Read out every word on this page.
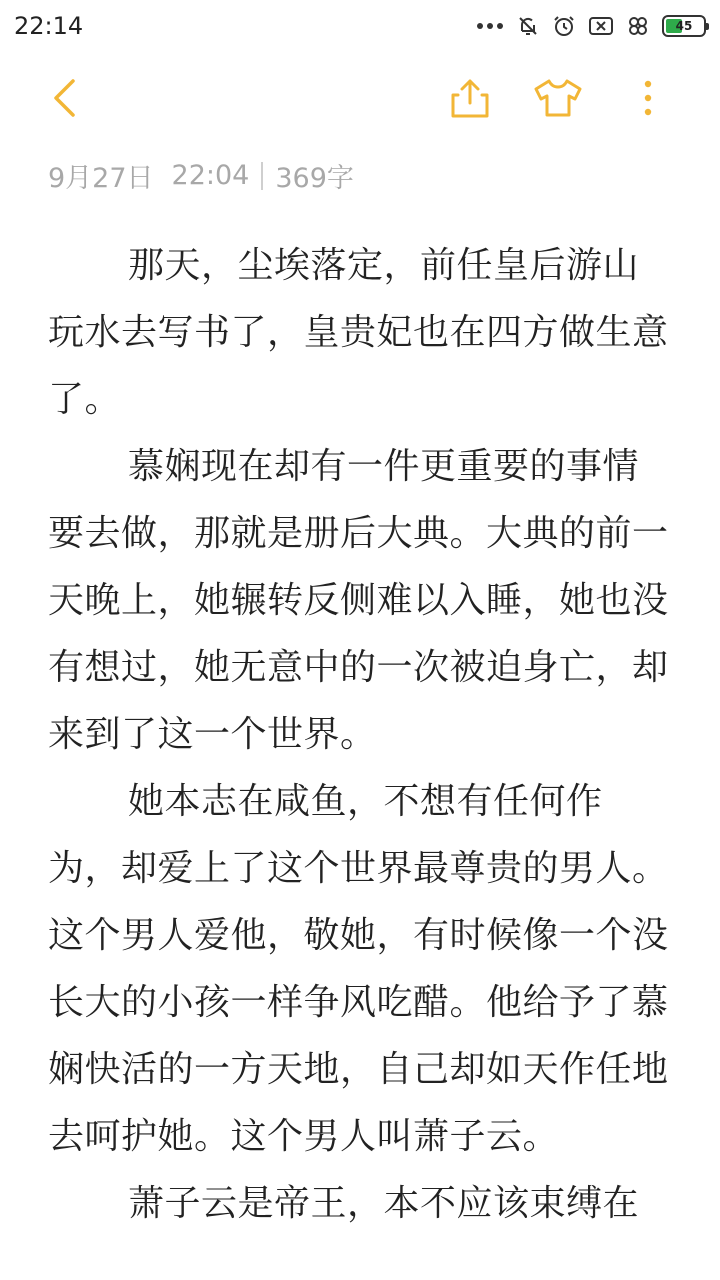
22:14	45
9月27日 22:04 369字

那天，尘埃落定，前任皇后游山玩水去写书了，皇贵妃也在四方做生意了。

慕娴现在却有一件更重要的事情要去做，那就是册后大典。大典的前一天晚上，她辗转反侧难以入睡，她也没有想过，她无意中的一次被迫身亡，却来到了这一个世界。

她本志在咸鱼，不想有任何作为，却爱上了这个世界最尊贵的男人。这个男人爱他，敬她，有时候像一个没长大的小孩一样争风吃醋。他给予了慕娴快活的一方天地，自己却如天作任地去呵护她。这个男人叫萧子云。

萧子云是帝王，本不应该束缚在
